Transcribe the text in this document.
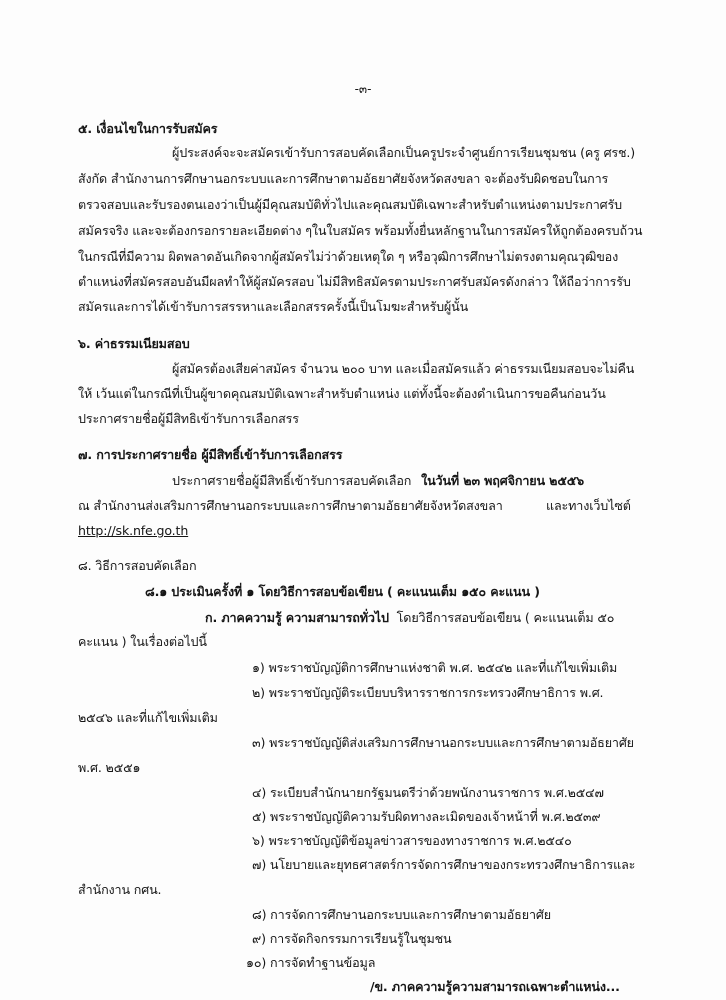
-๓-
๕. เงื่อนไขในการรับสมัคร
ผู้ประสงค์จะจะสมัครเข้ารับการสอบคัดเลือกเป็นครูประจำศูนย์การเรียนชุมชน (ครู ศรช.)
สังกัด สำนักงานการศึกษานอกระบบและการศึกษาตามอัธยาศัยจังหวัดสงขลา จะต้องรับผิดชอบในการ
ตรวจสอบและรับรองตนเองว่าเป็นผู้มีคุณสมบัติทั่วไปและคุณสมบัติเฉพาะสำหรับตำแหน่งตามประกาศรับ
สมัครจริง และจะต้องกรอกรายละเอียดต่าง ๆในใบสมัคร พร้อมทั้งยื่นหลักฐานในการสมัครให้ถูกต้องครบถ้วน
ในกรณีที่มีความ ผิดพลาดอันเกิดจากผู้สมัครไม่ว่าด้วยเหตุใด ๆ หรือวุฒิการศึกษาไม่ตรงตามคุณวุฒิของ
ตำแหน่งที่สมัครสอบอันมีผลทำให้ผู้สมัครสอบ ไม่มีสิทธิสมัครตามประกาศรับสมัครดังกล่าว ให้ถือว่าการรับ
สมัครและการได้เข้ารับการสรรหาและเลือกสรรครั้งนี้เป็นโมฆะสำหรับผู้นั้น
๖. ค่าธรรมเนียมสอบ
ผู้สมัครต้องเสียค่าสมัคร จำนวน ๒๐๐ บาท และเมื่อสมัครแล้ว ค่าธรรมเนียมสอบจะไม่คืน
ให้ เว้นแต่ในกรณีที่เป็นผู้ขาดคุณสมบัติเฉพาะสำหรับตำแหน่ง แต่ทั้งนี้จะต้องดำเนินการขอคืนก่อนวัน
ประกาศรายชื่อผู้มีสิทธิเข้ารับการเลือกสรร
๗. การประกาศรายชื่อ ผู้มีสิทธิ์เข้ารับการเลือกสรร
ประกาศรายชื่อผู้มีสิทธิ์เข้ารับการสอบคัดเลือก ในวันที่ ๒๓ พฤศจิกายน ๒๕๕๖
ณ สำนักงานส่งเสริมการศึกษานอกระบบและการศึกษาตามอัธยาศัยจังหวัดสงขลา	และทางเว็บไซต์
http://sk.nfe.go.th
๘. วิธีการสอบคัดเลือก
๘.๑ ประเมินครั้งที่ ๑ โดยวิธีการสอบข้อเขียน ( คะแนนเต็ม ๑๕๐ คะแนน )
ก. ภาคความรู้ ความสามารถทั่วไป โดยวิธีการสอบข้อเขียน ( คะแนนเต็ม ๕๐
คะแนน ) ในเรื่องต่อไปนี้
๑) พระราชบัญญัติการศึกษาแห่งชาติ พ.ศ. ๒๕๔๒ และที่แก้ไขเพิ่มเติม
๒) พระราชบัญญัติระเบียบบริหารราชการกระทรวงศึกษาธิการ พ.ศ.
๒๕๔๖ และที่แก้ไขเพิ่มเติม
๓) พระราชบัญญัติส่งเสริมการศึกษานอกระบบและการศึกษาตามอัธยาศัย
พ.ศ. ๒๕๕๑
๔) ระเบียบสำนักนายกรัฐมนตรีว่าด้วยพนักงานราชการ พ.ศ.๒๕๔๗
๕) พระราชบัญญัติความรับผิดทางละเมิดของเจ้าหน้าที่ พ.ศ.๒๕๓๙
๖) พระราชบัญญัติข้อมูลข่าวสารของทางราชการ พ.ศ.๒๕๔๐
๗) นโยบายและยุทธศาสตร์การจัดการศึกษาของกระทรวงศึกษาธิการและ
สำนักงาน กศน.
๘) การจัดการศึกษานอกระบบและการศึกษาตามอัธยาศัย
๙) การจัดกิจกรรมการเรียนรู้ในชุมชน
๑๐) การจัดทำฐานข้อมูล
/ข. ภาคความรู้ความสามารถเฉพาะตำแหน่ง...
